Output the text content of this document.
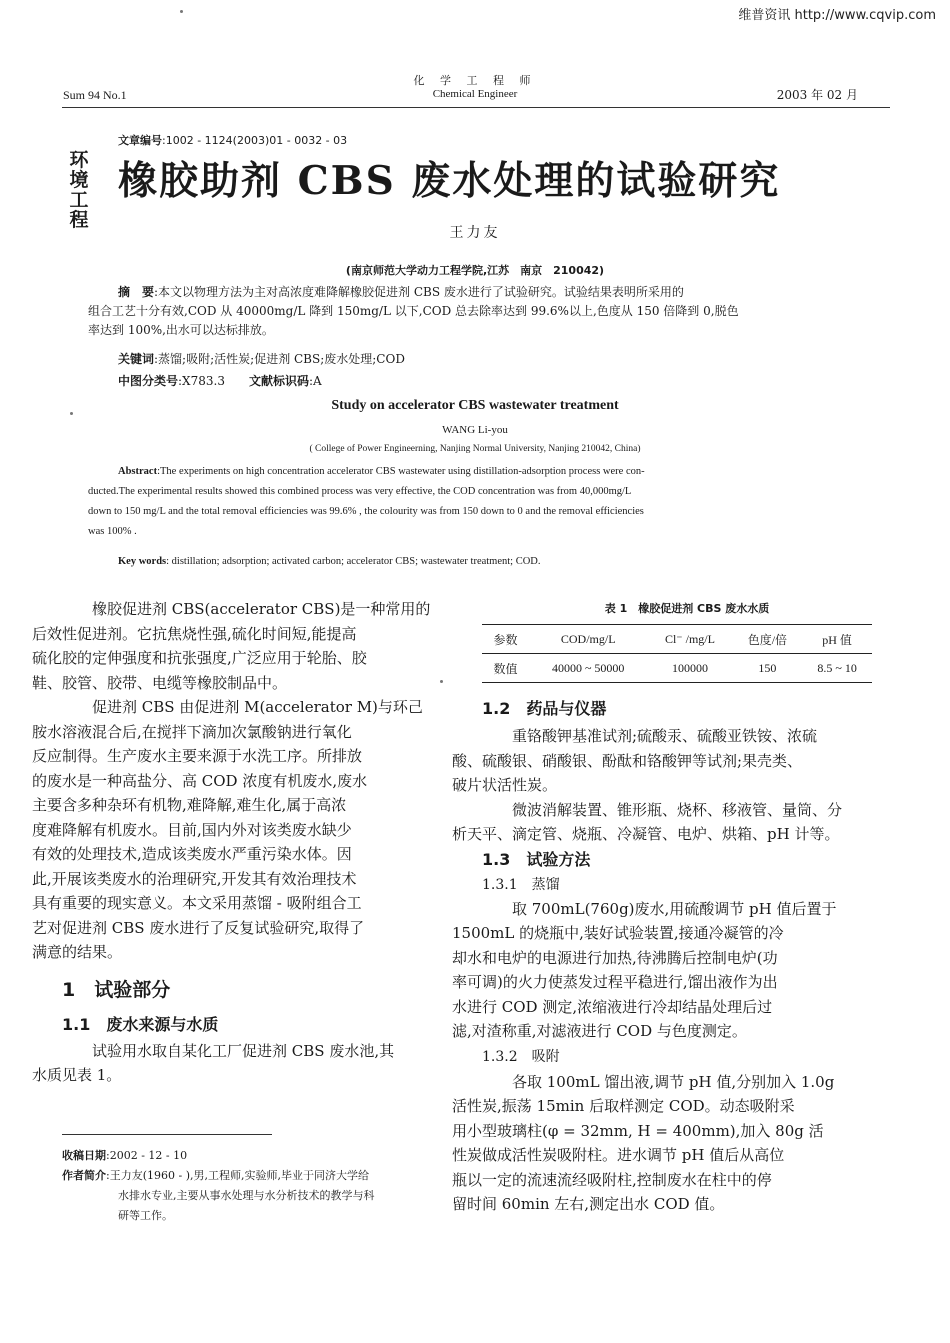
维普资讯 http://www.cqvip.com
化 学 工 程 师
Chemical Engineer
Sum 94 No.1	2003 年 02 月
文章编号:1002 - 1124(2003)01 - 0032 - 03
环
境
工
程
橡胶助剂 CBS 废水处理的试验研究
王力友
(南京师范大学动力工程学院,江苏　南京　210042)
摘　要:本文以物理方法为主对高浓度难降解橡胶促进剂 CBS 废水进行了试验研究。试验结果表明所采用的
组合工艺十分有效,COD 从 40000mg/L 降到 150mg/L 以下,COD 总去除率达到 99.6%以上,色度从 150 倍降到 0,脱色
率达到 100%,出水可以达标排放。
关键词:蒸馏;吸附;活性炭;促进剂 CBS;废水处理;COD
中图分类号:X783.3　　 文献标识码:A
Study on accelerator CBS wastewater treatment
WANG Li-you
( College of Power Engineerning, Nanjing Normal University, Nanjing 210042, China)
Abstract:The experiments on high concentration accelerator CBS wastewater using distillation-adsorption process were con-
ducted.The experimental results showed this combined process was very effective, the COD concentration was from 40,000mg/L
down to 150 mg/L and the total removal efficiencies was 99.6% , the colourity was from 150 down to 0 and the removal efficiencies
was 100% .
Key words: distillation; adsorption; activated carbon; accelerator CBS; wastewater treatment; COD.

橡胶促进剂 CBS(accelerator CBS)是一种常用的
后效性促进剂。它抗焦烧性强,硫化时间短,能提高
硫化胶的定伸强度和抗张强度,广泛应用于轮胎、胶
鞋、胶管、胶带、电缆等橡胶制品中。

促进剂 CBS 由促进剂 M(accelerator M)与环己
胺水溶液混合后,在搅拌下滴加次氯酸钠进行氧化
反应制得。生产废水主要来源于水洗工序。所排放
的废水是一种高盐分、高 COD 浓度有机废水,废水
主要含多种杂环有机物,难降解,难生化,属于高浓
度难降解有机废水。目前,国内外对该类废水缺少
有效的处理技术,造成该类废水严重污染水体。因
此,开展该类废水的治理研究,开发其有效治理技术
具有重要的现实意义。本文采用蒸馏 - 吸附组合工
艺对促进剂 CBS 废水进行了反复试验研究,取得了
满意的结果。

1　试验部分
1.1　废水来源与水质

试验用水取自某化工厂促进剂 CBS 废水池,其
水质见表 1。

收稿日期:2002 - 12 - 10
作者简介:王力友(1960 - ),男,工程师,实验师,毕业于同济大学给
水排水专业,主要从事水处理与水分析技术的教学与科
研等工作。
表 1　橡胶促进剂 CBS 废水水质
参数	COD/mg/L	Cl⁻ /mg/L	色度/倍	pH 值
数值	40000 ~ 50000	100000	150	8.5 ~ 10
1.2　药品与仪器

重铬酸钾基准试剂;硫酸汞、硫酸亚铁铵、浓硫
酸、硫酸银、硝酸银、酚酞和铬酸钾等试剂;果壳类、
破片状活性炭。

微波消解装置、锥形瓶、烧杯、移液管、量筒、分
析天平、滴定管、烧瓶、冷凝管、电炉、烘箱、pH 计等。

1.3　试验方法
1.3.1　蒸馏

取 700mL(760g)废水,用硫酸调节 pH 值后置于
1500mL 的烧瓶中,装好试验装置,接通冷凝管的冷
却水和电炉的电源进行加热,待沸腾后控制电炉(功
率可调)的火力使蒸发过程平稳进行,馏出液作为出
水进行 COD 测定,浓缩液进行冷却结晶处理后过
滤,对渣称重,对滤液进行 COD 与色度测定。

1.3.2　吸附

各取 100mL 馏出液,调节 pH 值,分别加入 1.0g
活性炭,振荡 15min 后取样测定 COD。动态吸附采
用小型玻璃柱(φ = 32mm, H = 400mm),加入 80g 活
性炭做成活性炭吸附柱。进水调节 pH 值后从高位
瓶以一定的流速流经吸附柱,控制废水在柱中的停
留时间 60min 左右,测定出水 COD 值。
